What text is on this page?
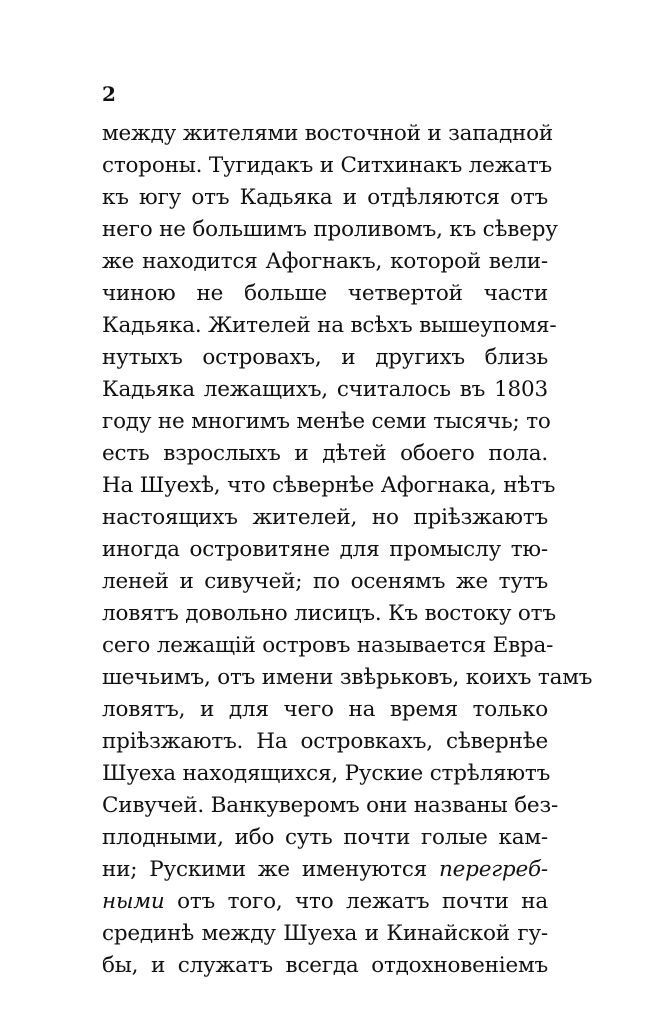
2
между жителями восточной и западной
стороны. Тугидакъ и Ситхинакъ лежатъ
къ югу отъ Кадьяка и отдѣляются отъ
него не большимъ проливомъ, къ сѣверу
же находится Афогнакъ, которой вели-
чиною не больше четвертой части
Кадьяка. Жителей на всѣхъ вышеупомя-
нутыхъ островахъ, и другихъ близь
Кадьяка лежащихъ, считалось въ 1803
году не многимъ менѣе семи тысячь; то
есть взрослыхъ и дѣтей обоего пола.
На Шуехѣ, что сѣвернѣе Афогнака, нѣтъ
настоящихъ жителей, но прiѣзжаютъ
иногда островитяне для промыслу тю-
леней и сивучей; по осенямъ же тутъ
ловятъ довольно лисицъ. Къ востоку отъ
сего лежащiй островъ называется Евра-
шечьимъ, отъ имени звѣрьковъ, коихъ тамъ
ловятъ, и для чего на время только
прiѣзжаютъ. На островкахъ, сѣвернѣе
Шуеха находящихся, Руские стрѣляютъ
Сивучей. Ванкуверомъ они названы без-
плодными, ибо суть почти голые кам-
ни; Рускими же именуются перегреб-
ными отъ того, что лежатъ почти на
срединѣ между Шуеха и Кинайской гу-
бы, и служатъ всегда отдохновенiемъ
